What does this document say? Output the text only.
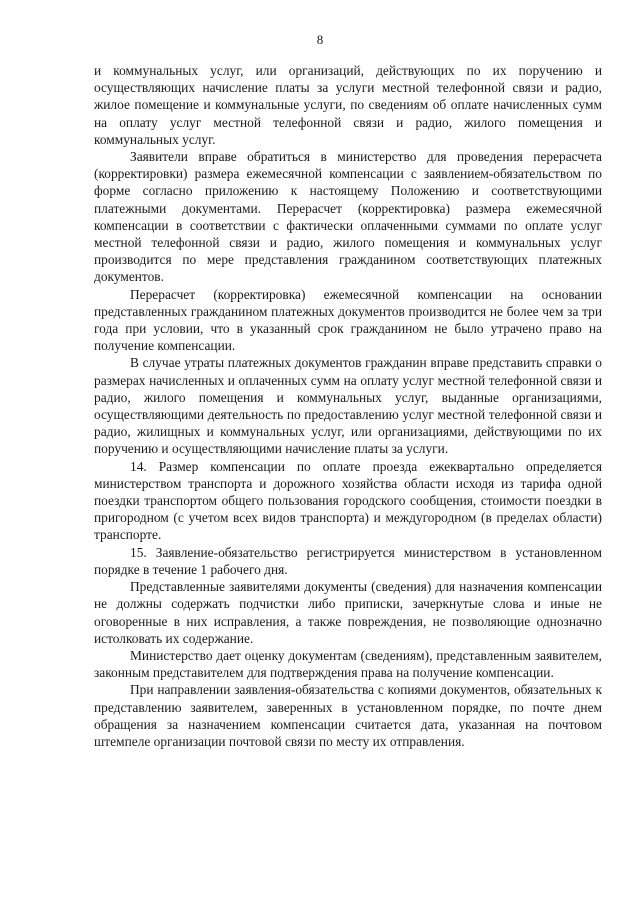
8

и коммунальных услуг, или организаций, действующих по их поручению и осуществляющих начисление платы за услуги местной телефонной связи и радио, жилое помещение и коммунальные услуги, по сведениям об оплате начисленных сумм на оплату услуг местной телефонной связи и радио, жилого помещения и коммунальных услуг.

Заявители вправе обратиться в министерство для проведения перерасчета (корректировки) размера ежемесячной компенсации с заявлением-обязательством по форме согласно приложению к настоящему Положению и соответствующими платежными документами. Перерасчет (корректировка) размера ежемесячной компенсации в соответствии с фактически оплаченными суммами по оплате услуг местной телефонной связи и радио, жилого помещения и коммунальных услуг производится по мере представления гражданином соответствующих платежных документов.

Перерасчет (корректировка) ежемесячной компенсации на основании представленных гражданином платежных документов производится не более чем за три года при условии, что в указанный срок гражданином не было утрачено право на получение компенсации.

В случае утраты платежных документов гражданин вправе представить справки о размерах начисленных и оплаченных сумм на оплату услуг местной телефонной связи и радио, жилого помещения и коммунальных услуг, выданные организациями, осуществляющими деятельность по предоставлению услуг местной телефонной связи и радио, жилищных и коммунальных услуг, или организациями, действующими по их поручению и осуществляющими начисление платы за услуги.

14. Размер компенсации по оплате проезда ежеквартально определяется министерством транспорта и дорожного хозяйства области исходя из тарифа одной поездки транспортом общего пользования городского сообщения, стоимости поездки в пригородном (с учетом всех видов транспорта) и междугородном (в пределах области) транспорте.

15. Заявление-обязательство регистрируется министерством в установленном порядке в течение 1 рабочего дня.

Представленные заявителями документы (сведения) для назначения компенсации не должны содержать подчистки либо приписки, зачеркнутые слова и иные не оговоренные в них исправления, а также повреждения, не позволяющие однозначно истолковать их содержание.

Министерство дает оценку документам (сведениям), представленным заявителем, законным представителем для подтверждения права на получение компенсации.

При направлении заявления-обязательства с копиями документов, обязательных к представлению заявителем, заверенных в установленном порядке, по почте днем обращения за назначением компенсации считается дата, указанная на почтовом штемпеле организации почтовой связи по месту их отправления.
